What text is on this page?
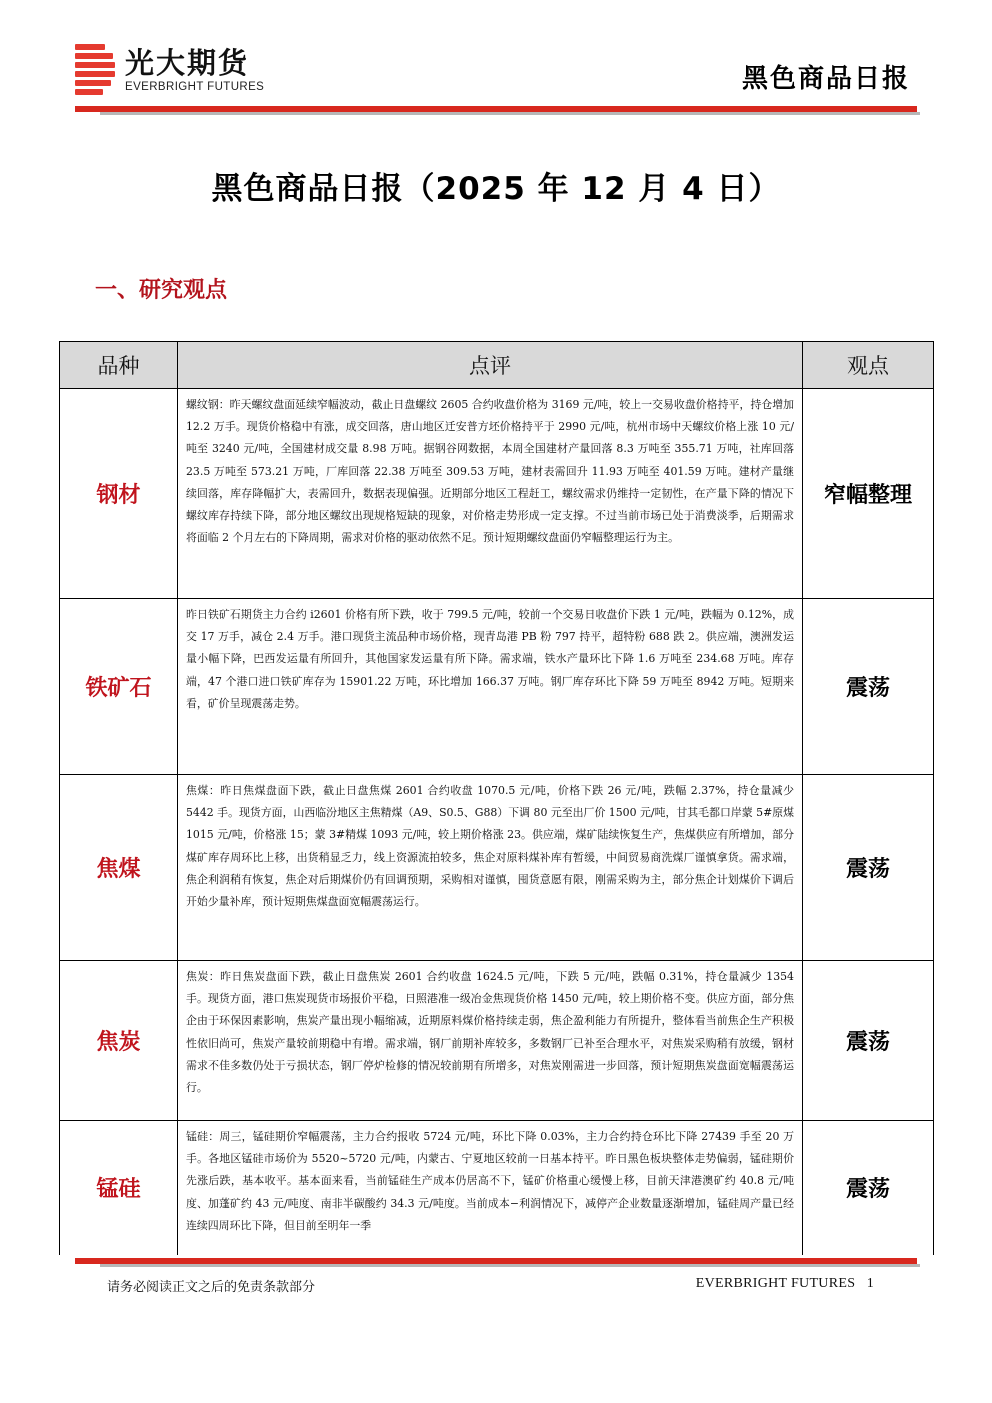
光大期货
EVERBRIGHT FUTURES	黑色商品日报
黑色商品日报（2025 年 12 月 4 日）
一、研究观点
品种	点评	观点
钢材	螺纹钢：昨天螺纹盘面延续窄幅波动，截止日盘螺纹 2605 合约收盘价格为 3169 元/吨，较上一交易收盘价格持平，持仓增加 12.2 万手。现货价格稳中有涨，成交回落，唐山地区迁安普方坯价格持平于 2990 元/吨，杭州市场中天螺纹价格上涨 10 元/吨至 3240 元/吨，全国建材成交量 8.98 万吨。据钢谷网数据，本周全国建材产量回落 8.3 万吨至 355.71 万吨，社库回落 23.5 万吨至 573.21 万吨，厂库回落 22.38 万吨至 309.53 万吨，建材表需回升 11.93 万吨至 401.59 万吨。建材产量继续回落，库存降幅扩大，表需回升，数据表现偏强。近期部分地区工程赶工，螺纹需求仍维持一定韧性，在产量下降的情况下螺纹库存持续下降，部分地区螺纹出现规格短缺的现象，对价格走势形成一定支撑。不过当前市场已处于消费淡季，后期需求将面临 2 个月左右的下降周期，需求对价格的驱动依然不足。预计短期螺纹盘面仍窄幅整理运行为主。	窄幅整理
铁矿石	昨日铁矿石期货主力合约 i2601 价格有所下跌，收于 799.5 元/吨，较前一个交易日收盘价下跌 1 元/吨，跌幅为 0.12%，成交 17 万手，减仓 2.4 万手。港口现货主流品种市场价格，现青岛港 PB 粉 797 持平，超特粉 688 跌 2。供应端，澳洲发运量小幅下降，巴西发运量有所回升，其他国家发运量有所下降。需求端，铁水产量环比下降 1.6 万吨至 234.68 万吨。库存端，47 个港口进口铁矿库存为 15901.22 万吨，环比增加 166.37 万吨。钢厂库存环比下降 59 万吨至 8942 万吨。短期来看，矿价呈现震荡走势。	震荡
焦煤	焦煤：昨日焦煤盘面下跌，截止日盘焦煤 2601 合约收盘 1070.5 元/吨，价格下跌 26 元/吨，跌幅 2.37%，持仓量减少 5442 手。现货方面，山西临汾地区主焦精煤（A9、S0.5、G88）下调 80 元至出厂价 1500 元/吨，甘其毛都口岸蒙 5#原煤 1015 元/吨，价格涨 15；蒙 3#精煤 1093 元/吨，较上期价格涨 23。供应端，煤矿陆续恢复生产，焦煤供应有所增加，部分煤矿库存周环比上移，出货稍显乏力，线上资源流拍较多，焦企对原料煤补库有暂缓，中间贸易商洗煤厂谨慎拿货。需求端，焦企利润稍有恢复，焦企对后期煤价仍有回调预期，采购相对谨慎，囤货意愿有限，刚需采购为主，部分焦企计划煤价下调后开始少量补库，预计短期焦煤盘面宽幅震荡运行。	震荡
焦炭	焦炭：昨日焦炭盘面下跌，截止日盘焦炭 2601 合约收盘 1624.5 元/吨，下跌 5 元/吨，跌幅 0.31%，持仓量减少 1354 手。现货方面，港口焦炭现货市场报价平稳，日照港准一级冶金焦现货价格 1450 元/吨，较上期价格不变。供应方面，部分焦企由于环保因素影响，焦炭产量出现小幅缩减，近期原料煤价格持续走弱，焦企盈利能力有所提升，整体看当前焦企生产积极性依旧尚可，焦炭产量较前期稳中有增。需求端，钢厂前期补库较多，多数钢厂已补至合理水平，对焦炭采购稍有放缓，钢材需求不佳多数仍处于亏损状态，钢厂停炉检修的情况较前期有所增多，对焦炭刚需进一步回落，预计短期焦炭盘面宽幅震荡运行。	震荡
锰硅	锰硅：周三，锰硅期价窄幅震荡，主力合约报收 5724 元/吨，环比下降 0.03%，主力合约持仓环比下降 27439 手至 20 万手。各地区锰硅市场价为 5520~5720 元/吨，内蒙古、宁夏地区较前一日基本持平。昨日黑色板块整体走势偏弱，锰硅期价先涨后跌，基本收平。基本面来看，当前锰硅生产成本仍居高不下，锰矿价格重心缓慢上移，目前天津港澳矿约 40.8 元/吨度、加蓬矿约 43 元/吨度、南非半碳酸约 34.3 元/吨度。当前成本−利润情况下，减停产企业数量逐渐增加，锰硅周产量已经连续四周环比下降，但目前至明年一季	震荡
请务必阅读正文之后的免责条款部分	EVERBRIGHT FUTURES 1
